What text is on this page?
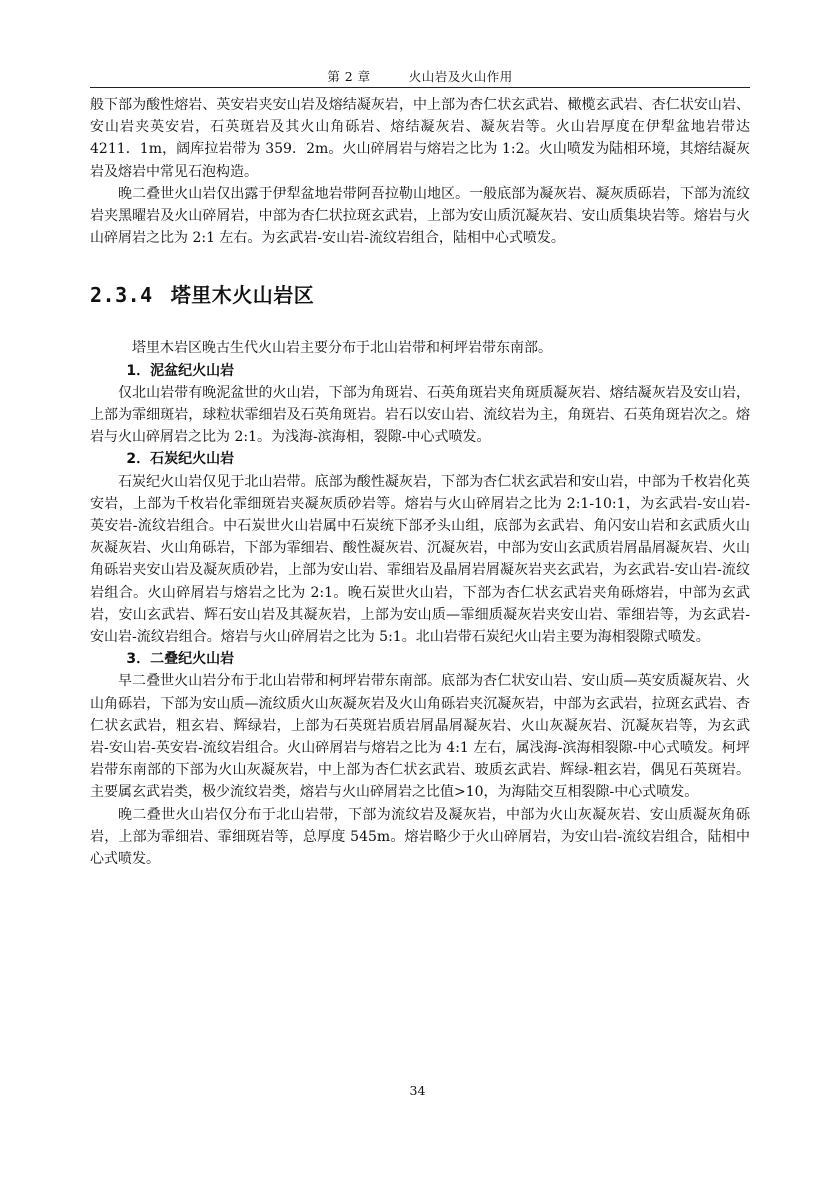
第 2 章	火山岩及火山作用

般下部为酸性熔岩、英安岩夹安山岩及熔结凝灰岩，中上部为杏仁状玄武岩、橄榄玄武岩、杏仁状安山岩、安山岩夹英安岩，石英斑岩及其火山角砾岩、熔结凝灰岩、凝灰岩等。火山岩厚度在伊犁盆地岩带达 4211．1m，阔库拉岩带为 359．2m。火山碎屑岩与熔岩之比为 1:2。火山喷发为陆相环境，其熔结凝灰岩及熔岩中常见石泡构造。

晚二叠世火山岩仅出露于伊犁盆地岩带阿吾拉勒山地区。一般底部为凝灰岩、凝灰质砾岩，下部为流纹岩夹黑曜岩及火山碎屑岩，中部为杏仁状拉斑玄武岩，上部为安山质沉凝灰岩、安山质集块岩等。熔岩与火山碎屑岩之比为 2:1 左右。为玄武岩-安山岩-流纹岩组合，陆相中心式喷发。

2.3.4 塔里木火山岩区

塔里木岩区晚古生代火山岩主要分布于北山岩带和柯坪岩带东南部。

1．泥盆纪火山岩

仅北山岩带有晚泥盆世的火山岩，下部为角斑岩、石英角斑岩夹角斑质凝灰岩、熔结凝灰岩及安山岩，上部为霏细斑岩，球粒状霏细岩及石英角斑岩。岩石以安山岩、流纹岩为主，角斑岩、石英角斑岩次之。熔岩与火山碎屑岩之比为 2:1。为浅海-滨海相，裂隙-中心式喷发。

2．石炭纪火山岩

石炭纪火山岩仅见于北山岩带。底部为酸性凝灰岩，下部为杏仁状玄武岩和安山岩，中部为千枚岩化英安岩，上部为千枚岩化霏细斑岩夹凝灰质砂岩等。熔岩与火山碎屑岩之比为 2:1-10:1，为玄武岩-安山岩-英安岩-流纹岩组合。中石炭世火山岩属中石炭统下部矛头山组，底部为玄武岩、角闪安山岩和玄武质火山灰凝灰岩、火山角砾岩，下部为霏细岩、酸性凝灰岩、沉凝灰岩，中部为安山玄武质岩屑晶屑凝灰岩、火山角砾岩夹安山岩及凝灰质砂岩，上部为安山岩、霏细岩及晶屑岩屑凝灰岩夹玄武岩，为玄武岩-安山岩-流纹岩组合。火山碎屑岩与熔岩之比为 2:1。晚石炭世火山岩，下部为杏仁状玄武岩夹角砾熔岩，中部为玄武岩，安山玄武岩、辉石安山岩及其凝灰岩，上部为安山质—霏细质凝灰岩夹安山岩、霏细岩等，为玄武岩-安山岩-流纹岩组合。熔岩与火山碎屑岩之比为 5:1。北山岩带石炭纪火山岩主要为海相裂隙式喷发。

3．二叠纪火山岩

早二叠世火山岩分布于北山岩带和柯坪岩带东南部。底部为杏仁状安山岩、安山质—英安质凝灰岩、火山角砾岩，下部为安山质—流纹质火山灰凝灰岩及火山角砾岩夹沉凝灰岩，中部为玄武岩，拉斑玄武岩、杏仁状玄武岩，粗玄岩、辉绿岩，上部为石英斑岩质岩屑晶屑凝灰岩、火山灰凝灰岩、沉凝灰岩等，为玄武岩-安山岩-英安岩-流纹岩组合。火山碎屑岩与熔岩之比为 4:1 左右，属浅海-滨海相裂隙-中心式喷发。柯坪岩带东南部的下部为火山灰凝灰岩，中上部为杏仁状玄武岩、玻质玄武岩、辉绿-粗玄岩，偶见石英斑岩。主要属玄武岩类，极少流纹岩类，熔岩与火山碎屑岩之比值>10，为海陆交互相裂隙-中心式喷发。

晚二叠世火山岩仅分布于北山岩带，下部为流纹岩及凝灰岩，中部为火山灰凝灰岩、安山质凝灰角砾岩，上部为霏细岩、霏细斑岩等，总厚度 545m。熔岩略少于火山碎屑岩，为安山岩-流纹岩组合，陆相中心式喷发。

34
